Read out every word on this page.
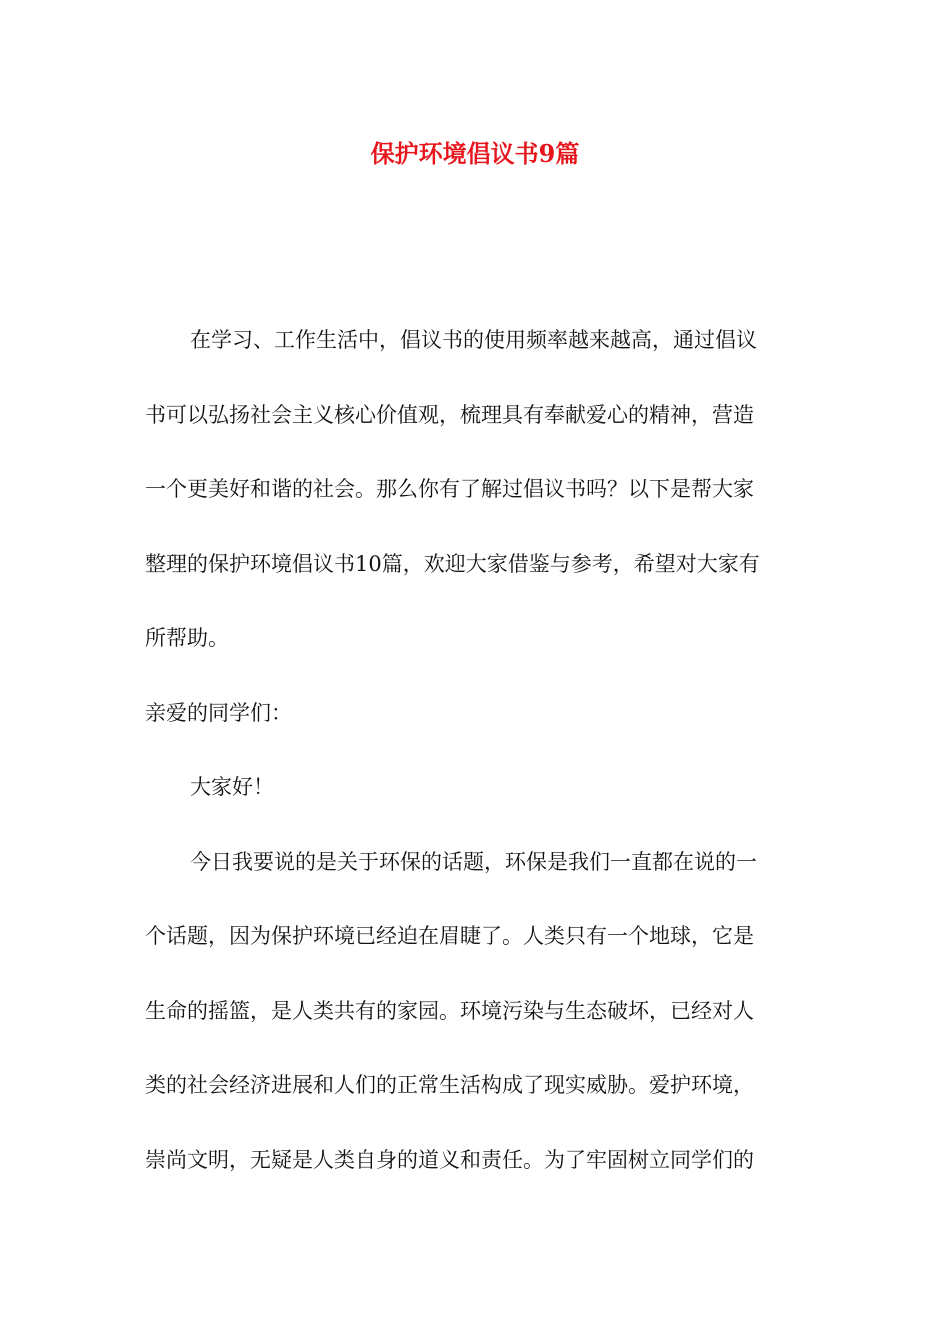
保护环境倡议书9篇

在学习、工作生活中，倡议书的使用频率越来越高，通过倡议

书可以弘扬社会主义核心价值观，梳理具有奉献爱心的精神，营造

一个更美好和谐的社会。那么你有了解过倡议书吗？以下是帮大家

整理的保护环境倡议书10篇，欢迎大家借鉴与参考，希望对大家有

所帮助。

亲爱的同学们：

大家好！

今日我要说的是关于环保的话题，环保是我们一直都在说的一

个话题，因为保护环境已经迫在眉睫了。人类只有一个地球，它是

生命的摇篮，是人类共有的家园。环境污染与生态破坏，已经对人

类的社会经济进展和人们的正常生活构成了现实威胁。爱护环境，

崇尚文明，无疑是人类自身的道义和责任。为了牢固树立同学们的
